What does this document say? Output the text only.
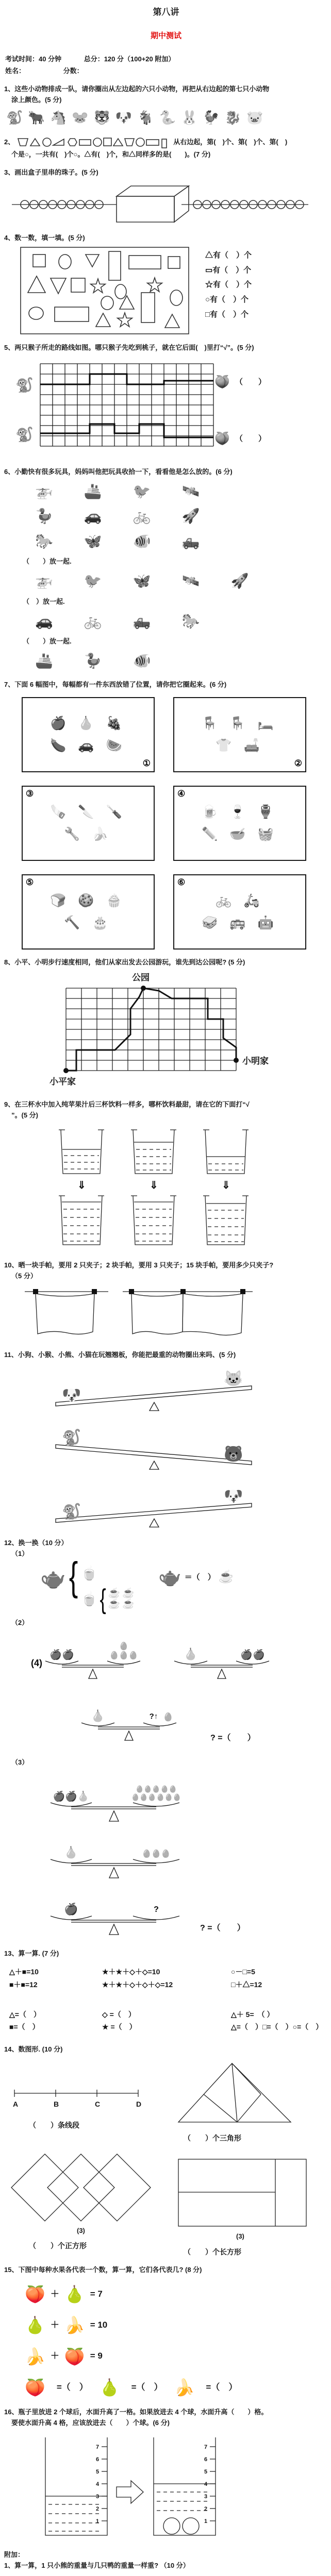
第八讲
期中测试
考试时间：40 分钟	总分：120 分（100+20 附加）
姓名：	分数：
1、这些小动物排成一队，请你圈出从左边起的六只小动物，再把从右边起的第七只小动物
涂上颜色。(5 分)
🐒🐂🐴🐭🐯🐶🐐🐍🐰🐓🐉🐷
2、	从右边起，第(　)个、第(　)个、第(　)
个是○，一共有(　)个○。△有(　)个，和△同样多的是(　　)。(7 分)
3、画出盒子里串的珠子。(5 分)
4、数一数，填一填。(5 分)
△有（　）个
▭有（　）个
☆有（　）个
○有（　）个
□有（　）个
5、两只猴子所走的路线如图。哪只猴子先吃到桃子，就在它后面(　)里打“√”。(5 分)
🐒
🐒
🍑
🍑
（　　）
（　　）
6、小勤快有很多玩具，妈妈叫他把玩具收拾一下，看看他是怎么放的。(6 分)
🚁　🚢　🐦　🛰️
🦆　🚗　🚲　🚀
🐎　🦋　🐠　🛻
（　　）放一起.
🚁　🐦　🦋　🛰️　🚀
（　）放一起.
🚗　🚲　🛻　🐎
（　　）放一起.
🚢　🦆　🐠
7、下面 6 幅图中，每幅都有一件东西放错了位置，请你把它圈起来。(6 分)
①
🍎 🍐 🍇
🍆 🚗 🍉
②
🪑 🪑 🛏️
👕 🛋️
③
🪚 🔪 🪛
🔧 🍌
④
🍺 🍷 🏺
✏️ 🥣 🧺
⑤
🍞 🍪 🧁
🔨 🎂
⑥
🚲 🛵
🥪 🚌 🤖
8、小平、小明步行速度相同，他们从家出发去公园游玩，谁先到达公园呢? (5 分)
公园
小明家
小平家
9、在三杯水中加入纯苹果汁后三杯饮料一样多，哪杯饮料最甜，请在它的下面打“√
”。(5 分)
⇓	⇓	⇓
10、晒一块手帕，要用 2 只夹子；2 块手帕，要用 3 只夹子；15 块手帕，要用多少只夹子?
（5 分）
11、小狗、小猴、小熊、小猫在玩翘翘板，你能把最重的动物圈出来吗、(5 分)
🐶
🐱
🐒
🐻
🐒
🐶
12、换一换（10 分）
（1）
🫖 { 🍵
🍵 { ☕ ☕
☕ ☕
🫖 ＝（　） ☕
（2）
(4)
🍎🍎
🥚
🥚🥚🥚	🍐	🍎🍎
🍐	?↑ 🥚
? =（　　）
（3）
🍎🍎🍐
🥚🥚🥚🥚🥚
🥚🥚🥚🥚🥚🥚
🍐	🥚🥚🥚
🍎	?
? =（　　）
13、算一算. (7 分)
△＋■=10
■＋■=12
★＋★＋◇＋◇=10
★＋★＋◇＋◇＋◇=12
○－□=5
□＋△=12
△=（　）
■=（　）
◇ =（　）
★ =（　）
△＋ 5=　（ ）
△=（　）□=（　）○=（　）
14、数图形. (10 分)
A	B	C	D
（　　）条线段
（　　）个三角形
(3)
（　　）个正方形
(3)
（　　）个长方形
15、下图中每种水果各代表一个数，算一算，它们各代表几? (8 分)
🍑 ＋ 🍐 = 7
🍐 ＋ 🍌 = 10
🍌 ＋ 🍑 = 9
🍑 =（　） 🍐 =（　） 🍌 =（　）
16、瓶子里放进 2 个球后，水面升高了一格。如果放进去 4 个球，水面升高（　　）格。
要使水面升高 4 格，应该放进去（　　）个球。(6 分)
7
6
5
4
3
2
1
7
6
5
4
3
2
1
附加：
1、算一算，1 只小熊的重量与几只鸭的重量一样重? （10 分）
